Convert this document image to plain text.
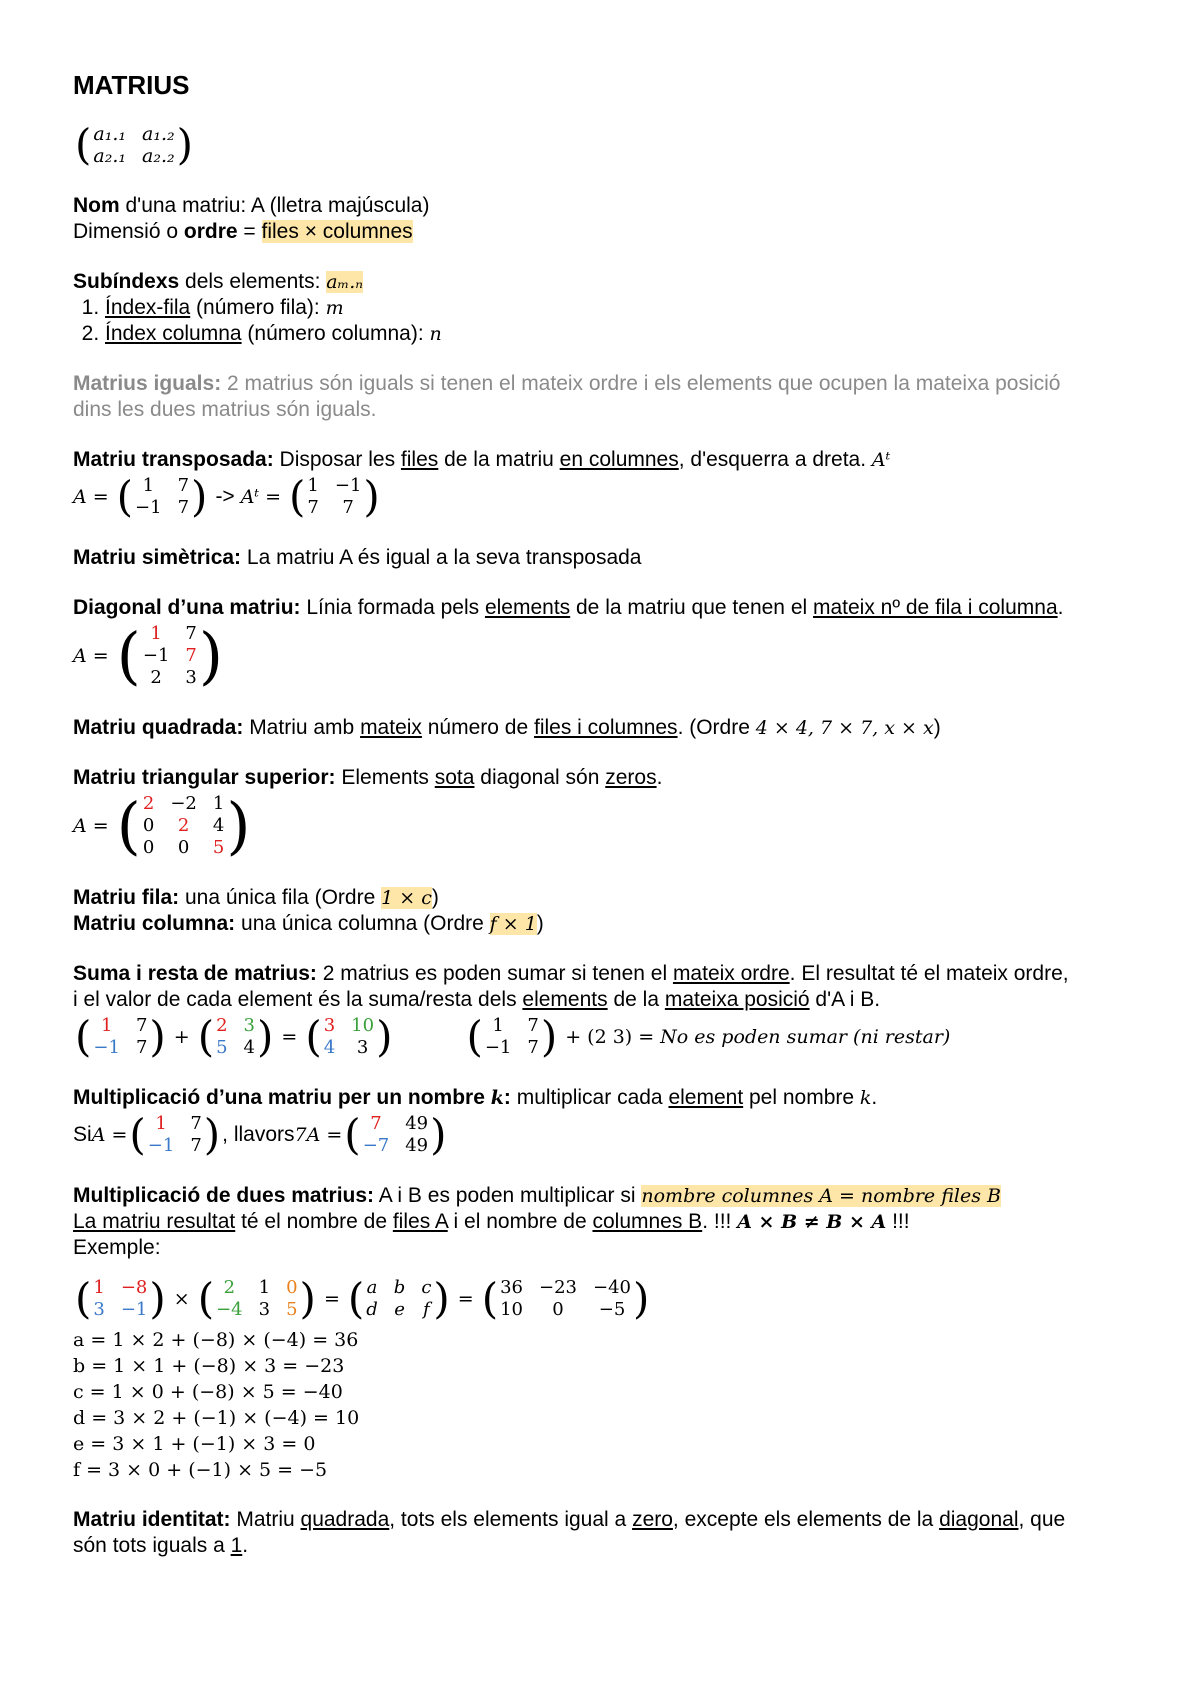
MATRIUS
(
a₁.₁ a₁.₂
a₂.₁ a₂.₂
)
Nom d'una matriu: A (lletra majúscula)
Dimensió o ordre = files × columnes
Subíndexs dels elements: aₘ.ₙ
1. Índex-fila (número fila): m
2. Índex columna (número columna): n
Matrius iguals: 2 matrius són iguals si tenen el mateix ordre i els elements que ocupen la mateixa posició
dins les dues matrius són iguals.
Matriu transposada: Disposar les files de la matriu en columnes, d'esquerra a dreta. Aᵗ
A =
(
1	7
−1 7 ) -> Aᵗ =
(
1 −1
7	7
)
Matriu simètrica: La matriu A és igual a la seva transposada
Diagonal d’una matriu: Línia formada pels elements de la matriu que tenen el mateix nº de fila i columna.
A =
(
1	7
−1 7
2	3
)
Matriu quadrada: Matriu amb mateix número de files i columnes. (Ordre 4 × 4, 7 × 7, x × x)
Matriu triangular superior: Elements sota diagonal són zeros.
A =
(
2 −2 1
0	2	4
0	0	5
)
Matriu fila: una única fila (Ordre 1 × c)
Matriu columna: una única columna (Ordre f × 1)
Suma i resta de matrius: 2 matrius es poden sumar si tenen el mateix ordre. El resultat té el mateix ordre,
i el valor de cada element és la suma/resta dels elements de la mateixa posició d'A i B.
(
1	7
−1 7 ) +
(
2 3
5 4 ) =
(
3 10
4	3
)
(
1	7
−1 7 ) + (2 3) = No es poden sumar (ni restar)
Multiplicació d’una matriu per un nombre k: multiplicar cada element pel nombre k.
Si A =
(
1	7
−1 7 ) , llavors 7A =
(
7	49
−7 49
)
Multiplicació de dues matrius: A i B es poden multiplicar si nombre columnes A = nombre files B
La matriu resultat té el nombre de files A i el nombre de columnes B. !!! A × B ≠ B × A !!!
Exemple:
(
1 −8
3 −1 ) ×
(
2	1 0
−4 3 5 ) =
(
a b c
d e f ) =
(
36 −23 −40
10	0	−5
)
a = 1 × 2 + (−8) × (−4) = 36
b = 1 × 1 + (−8) × 3 = −23
c = 1 × 0 + (−8) × 5 = −40
d = 3 × 2 + (−1) × (−4) = 10
e = 3 × 1 + (−1) × 3 = 0
f = 3 × 0 + (−1) × 5 = −5
Matriu identitat: Matriu quadrada, tots els elements igual a zero, excepte els elements de la diagonal, que
són tots iguals a 1.
